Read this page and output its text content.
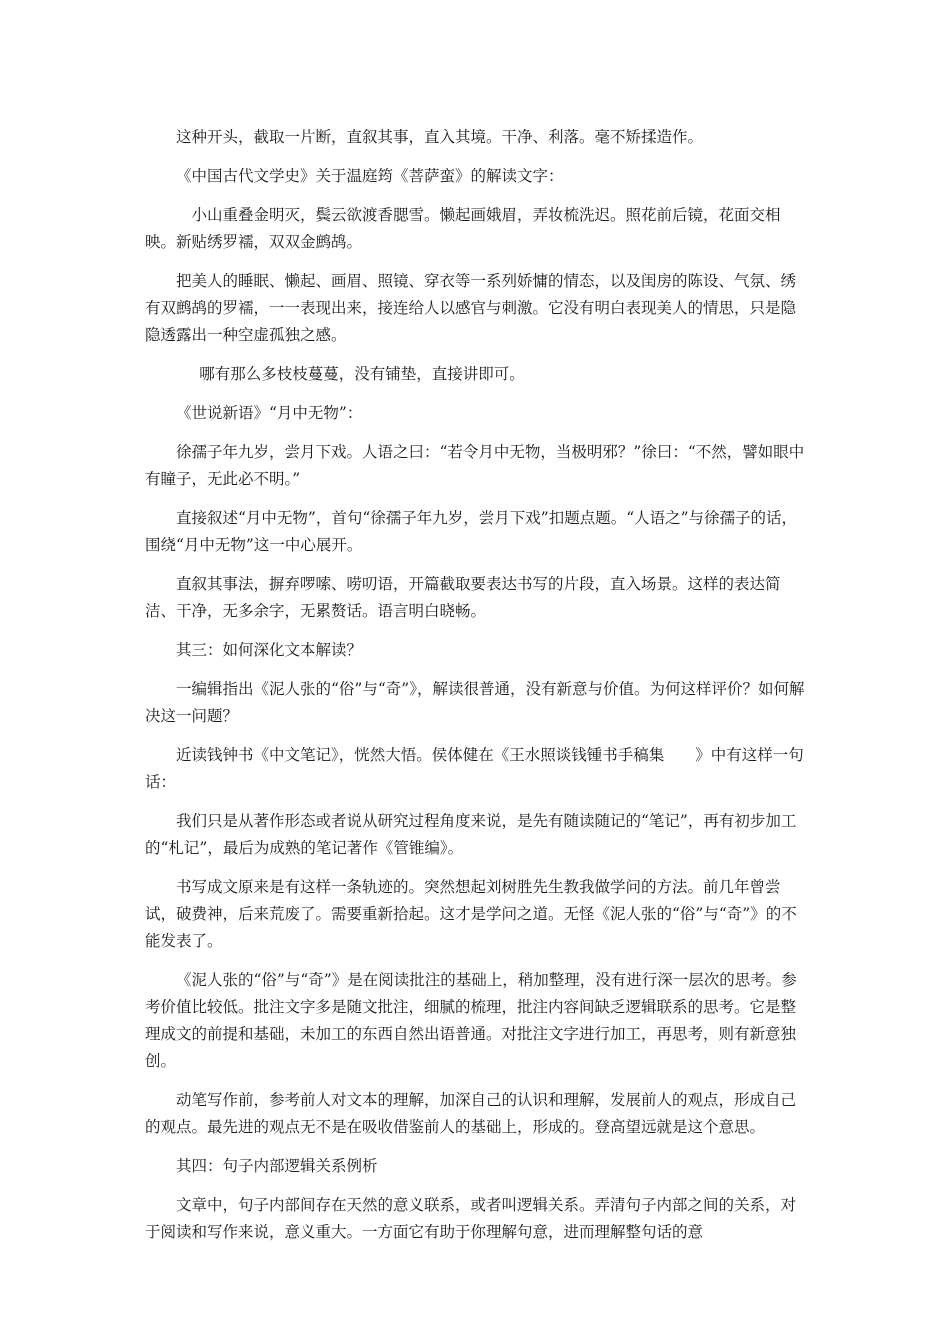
这种开头，截取一片断，直叙其事，直入其境。干净、利落。毫不矫揉造作。

《中国古代文学史》关于温庭筠《菩萨蛮》的解读文字：

小山重叠金明灭，鬓云欲渡香腮雪。懒起画娥眉，弄妆梳洗迟。照花前后镜，花面交相映。新贴绣罗襦，双双金鹧鸪。

把美人的睡眠、懒起、画眉、照镜、穿衣等一系列娇慵的情态，以及闺房的陈设、气氛、绣有双鹧鸪的罗襦，一一表现出来，接连给人以感官与刺激。它没有明白表现美人的情思，只是隐隐透露出一种空虚孤独之感。

哪有那么多枝枝蔓蔓，没有铺垫，直接讲即可。

《世说新语》“月中无物”：

徐孺子年九岁，尝月下戏。人语之曰：“若令月中无物，当极明邪？”徐曰：“不然，譬如眼中有瞳子，无此必不明。”

直接叙述“月中无物”，首句“徐孺子年九岁，尝月下戏”扣题点题。“人语之”与徐孺子的话，围绕“月中无物”这一中心展开。

直叙其事法，摒弃啰嗦、唠叨语，开篇截取要表达书写的片段，直入场景。这样的表达简洁、干净，无多余字，无累赘话。语言明白晓畅。

其三：如何深化文本解读？

一编辑指出《泥人张的“俗”与“奇”》，解读很普通，没有新意与价值。为何这样评价？如何解决这一问题？

近读钱钟书《中文笔记》，恍然大悟。侯体健在《王水照谈钱锺书手稿集　　》中有这样一句话：

我们只是从著作形态或者说从研究过程角度来说，是先有随读随记的“笔记”，再有初步加工的“札记”，最后为成熟的笔记著作《管锥编》。

书写成文原来是有这样一条轨迹的。突然想起刘树胜先生教我做学问的方法。前几年曾尝试，破费神，后来荒废了。需要重新拾起。这才是学问之道。无怪《泥人张的“俗”与“奇”》的不能发表了。

《泥人张的“俗”与“奇”》是在阅读批注的基础上，稍加整理，没有进行深一层次的思考。参考价值比较低。批注文字多是随文批注，细腻的梳理，批注内容间缺乏逻辑联系的思考。它是整理成文的前提和基础，未加工的东西自然出语普通。对批注文字进行加工，再思考，则有新意独创。

动笔写作前，参考前人对文本的理解，加深自己的认识和理解，发展前人的观点，形成自己的观点。最先进的观点无不是在吸收借鉴前人的基础上，形成的。登高望远就是这个意思。

其四：句子内部逻辑关系例析

文章中，句子内部间存在天然的意义联系，或者叫逻辑关系。弄清句子内部之间的关系，对于阅读和写作来说，意义重大。一方面它有助于你理解句意，进而理解整句话的意
